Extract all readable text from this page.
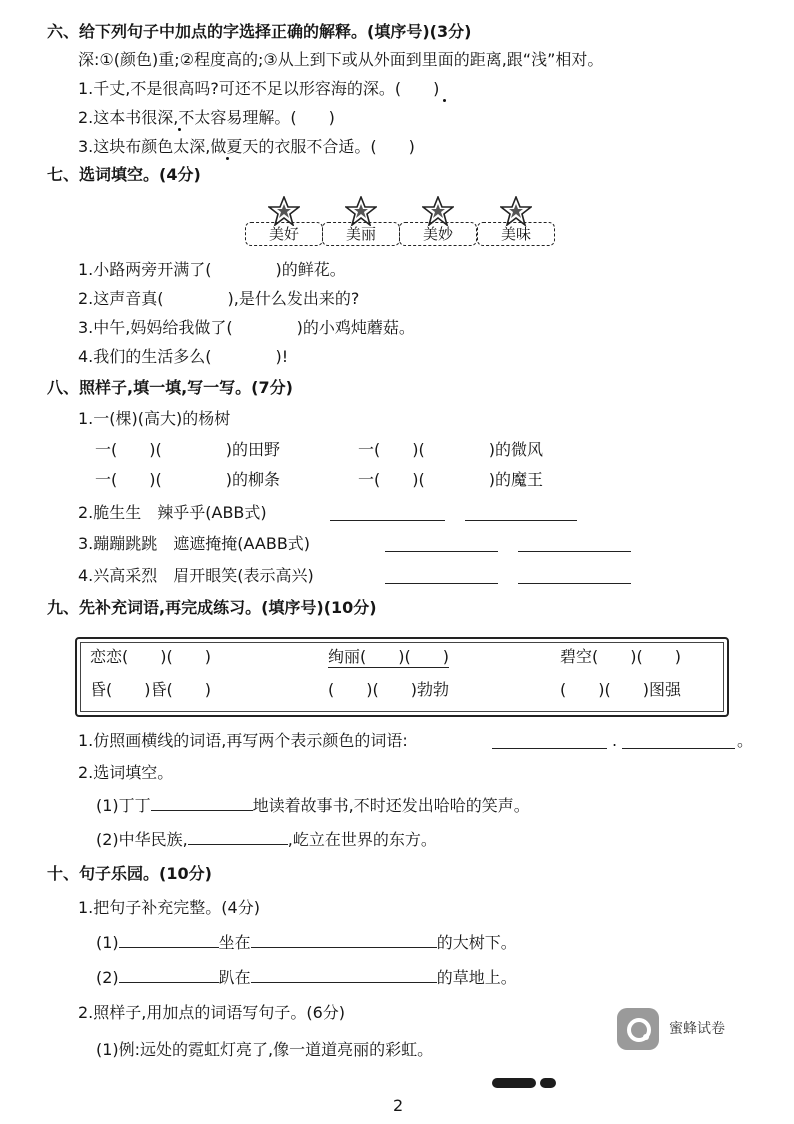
六、给下列句子中加点的字选择正确的解释。(填序号)(3分)
深:①(颜色)重;②程度高的;③从上到下或从外面到里面的距离,跟“浅”相对。
1.千丈,不是很高吗?可还不足以形容海的深。(　　)
2.这本书很深,不太容易理解。(　　)
3.这块布颜色太深,做夏天的衣服不合适。(　　)
七、选词填空。(4分)
美好	美丽	美妙	美味
1.小路两旁开满了(　　　　)的鲜花。
2.这声音真(　　　　),是什么发出来的?
3.中午,妈妈给我做了(　　　　)的小鸡炖蘑菇。
4.我们的生活多么(　　　　)!
八、照样子,填一填,写一写。(7分)
1.一(棵)(高大)的杨树
一(　　)(　　　　)的田野	一(　　)(　　　　)的微风
一(　　)(　　　　)的柳条	一(　　)(　　　　)的魔王
2.脆生生　辣乎乎(ABB式)
3.蹦蹦跳跳　遮遮掩掩(AABB式)
4.兴高采烈　眉开眼笑(表示高兴)
九、先补充词语,再完成练习。(填序号)(10分)
恋恋(　　)(　　)	绚丽(　　)(　　)	碧空(　　)(　　)
昏(　　)昏(　　)	(　　)(　　)勃勃	(　　)(　　)图强
1.仿照画横线的词语,再写两个表示颜色的词语:	.	。
2.选词填空。
(1)丁丁	地读着故事书,不时还发出哈哈的笑声。
(2)中华民族,	,屹立在世界的东方。
十、句子乐园。(10分)
1.把句子补充完整。(4分)
(1)	坐在	的大树下。
(2)	趴在	的草地上。
2.照样子,用加点的词语写句子。(6分)
(1)例:远处的霓虹灯亮了,像一道道亮丽的彩虹。
蜜蜂试卷
2
